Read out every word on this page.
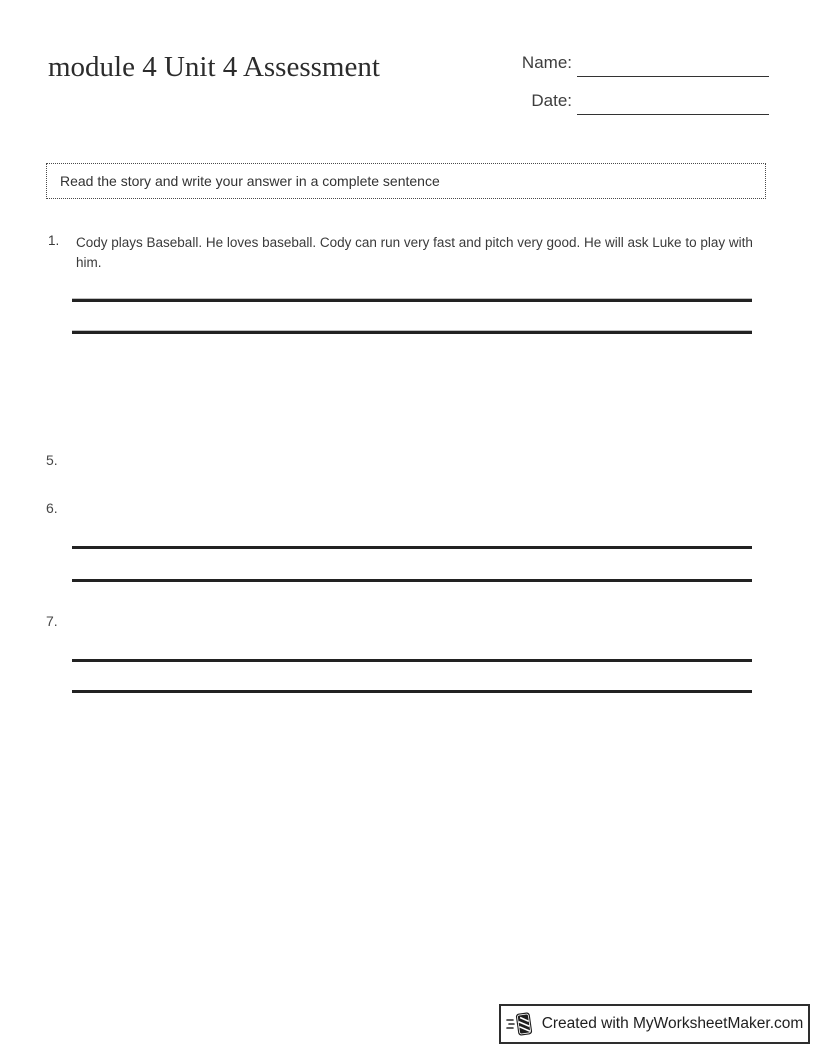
module 4 Unit 4 Assessment	Name:
Date:
Read the story and write your answer in a complete sentence
1. Cody plays Baseball. He loves baseball. Cody can run very fast and pitch very good. He will ask Luke to play with him.
5.
6.
7.
Created with MyWorksheetMaker.com
